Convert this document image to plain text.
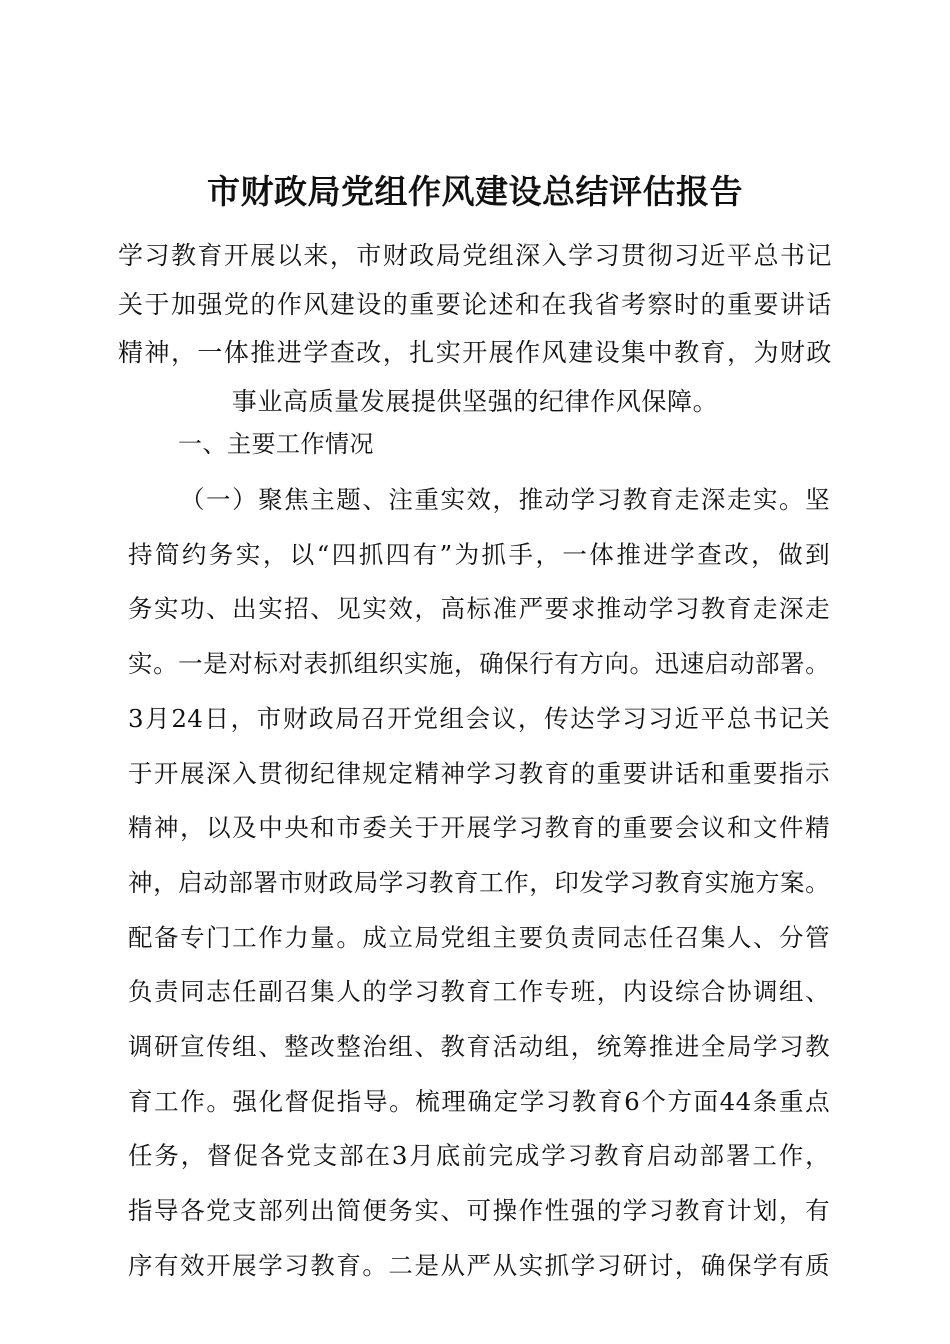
市财政局党组作风建设总结评估报告
学习教育开展以来，市财政局党组深入学习贯彻习近平总书记
关于加强党的作风建设的重要论述和在我省考察时的重要讲话
精神，一体推进学查改，扎实开展作风建设集中教育，为财政
事业高质量发展提供坚强的纪律作风保障。
一、主要工作情况
（一）聚焦主题、注重实效，推动学习教育走深走实。坚
持简约务实，以“四抓四有”为抓手，一体推进学查改，做到
务实功、出实招、见实效，高标准严要求推动学习教育走深走
实。一是对标对表抓组织实施，确保行有方向。迅速启动部署。
3月24日，市财政局召开党组会议，传达学习习近平总书记关
于开展深入贯彻纪律规定精神学习教育的重要讲话和重要指示
精神，以及中央和市委关于开展学习教育的重要会议和文件精
神，启动部署市财政局学习教育工作，印发学习教育实施方案。
配备专门工作力量。成立局党组主要负责同志任召集人、分管
负责同志任副召集人的学习教育工作专班，内设综合协调组、
调研宣传组、整改整治组、教育活动组，统筹推进全局学习教
育工作。强化督促指导。梳理确定学习教育6个方面44条重点
任务，督促各党支部在3月底前完成学习教育启动部署工作，
指导各党支部列出简便务实、可操作性强的学习教育计划，有
序有效开展学习教育。二是从严从实抓学习研讨，确保学有质
